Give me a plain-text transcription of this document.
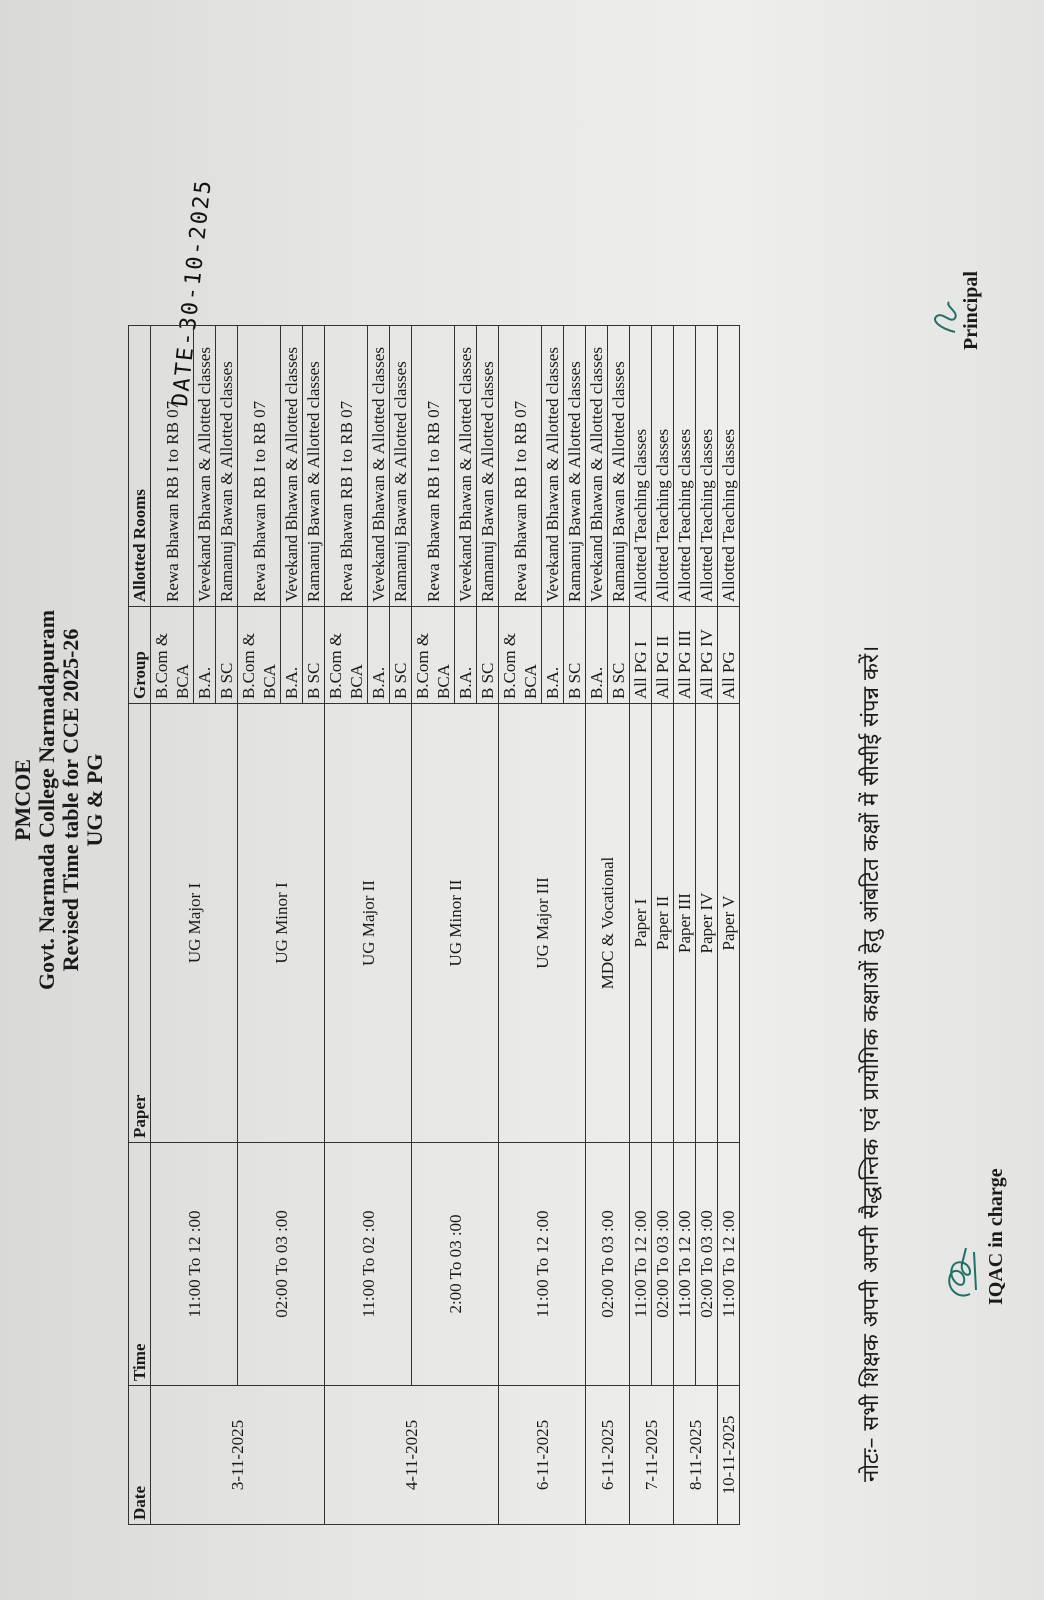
PMCOE Govt. Narmada College Narmadapuram Revised Time table for CCE 2025-26 UG & PG
DATE-30-10-2025
Date	Time	Paper	Group	Allotted Rooms
3-11-2025	11:00 To 12 :00	UG Major I	B.Com & BCA	Rewa Bhawan RB I to RB 07
			B.A.	Vevekand Bhawan & Allotted classes
			B SC	Ramanuj Bawan & Allotted classes
	02:00 To 03 :00	UG Minor I	B.Com & BCA	Rewa Bhawan RB I to RB 07
			B.A.	Vevekand Bhawan & Allotted classes
			B SC	Ramanuj Bawan & Allotted classes
4-11-2025	11:00 To 02 :00	UG Major II	B.Com & BCA	Rewa Bhawan RB I to RB 07
			B.A.	Vevekand Bhawan & Allotted classes
			B SC	Ramanuj Bawan & Allotted classes
	2:00 To 03 :00	UG Minor II	B.Com & BCA	Rewa Bhawan RB I to RB 07
			B.A.	Vevekand Bhawan & Allotted classes
			B SC	Ramanuj Bawan & Allotted classes
6-11-2025	11:00 To 12 :00	UG Major III	B.Com & BCA	Rewa Bhawan RB I to RB 07
			B.A.	Vevekand Bhawan & Allotted classes
			B SC	Ramanuj Bawan & Allotted classes
6-11-2025	02:00 To 03 :00	MDC & Vocational	B.A.	Vevekand Bhawan & Allotted classes
			B SC	Ramanuj Bawan & Allotted classes
7-11-2025	11:00 To 12 :00	Paper I	All PG I	Allotted Teaching classes
	02:00 To 03 :00	Paper II	All PG II	Allotted Teaching classes
8-11-2025	11:00 To 12 :00	Paper III	All PG III	Allotted Teaching classes
	02:00 To 03 :00	Paper IV	All PG IV	Allotted Teaching classes
10-11-2025	11:00 To 12 :00	Paper V	All PG	Allotted Teaching classes
नोटः– सभी शिक्षक अपनी अपनी सैद्धान्तिक एवं प्रायोगिक कक्षाओं हेतु आंबटित कक्षों में सीसीई संपन्न करें।	IQAC in charge
Principal
